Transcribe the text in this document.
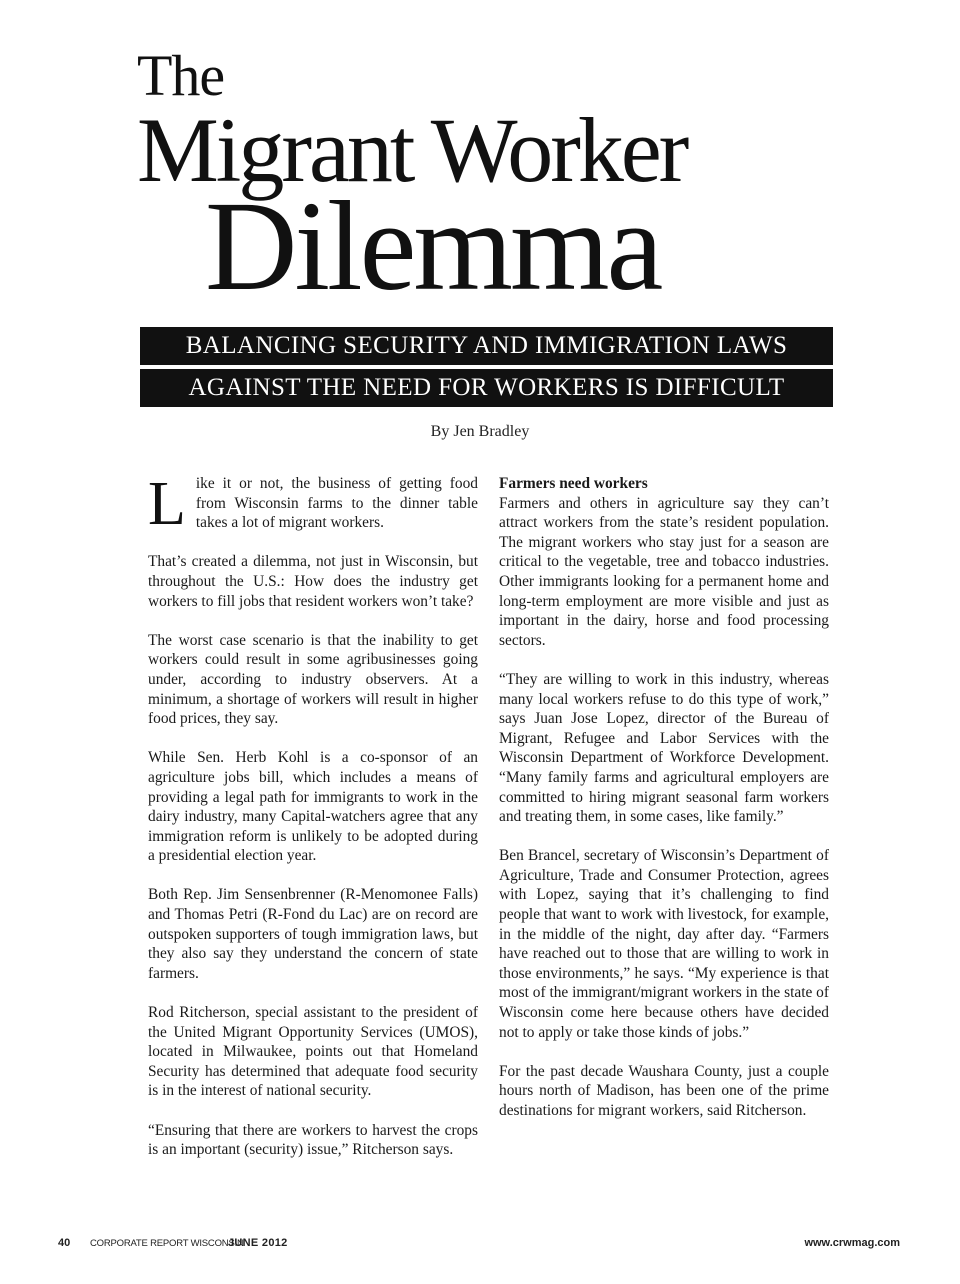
The
Migrant Worker
Dilemma
BALANCING SECURITY AND IMMIGRATION LAWS
AGAINST THE NEED FOR WORKERS IS DIFFICULT
By Jen Bradley

Like it or not, the business of getting food from Wisconsin farms to the dinner table takes a lot of migrant workers.

That’s created a dilemma, not just in Wisconsin, but throughout the U.S.: How does the industry get workers to fill jobs that resident workers won’t take?

The worst case scenario is that the inability to get workers could result in some agribusinesses going under, according to industry observers. At a minimum, a shortage of workers will result in higher food prices, they say.

While Sen. Herb Kohl is a co-sponsor of an agriculture jobs bill, which includes a means of providing a legal path for immigrants to work in the dairy industry, many Capital-watchers agree that any immigration reform is unlikely to be adopted during a presidential election year.

Both Rep. Jim Sensenbrenner (R-Menomonee Falls) and Thomas Petri (R-Fond du Lac) are on record are outspoken supporters of tough immigration laws, but they also say they understand the concern of state farmers.

Rod Ritcherson, special assistant to the president of the United Migrant Opportunity Services (UMOS), located in Milwaukee, points out that Homeland Security has determined that adequate food security is in the interest of national security.

“Ensuring that there are workers to harvest the crops is an important (security) issue,” Ritcherson says.

Farmers need workers

Farmers and others in agriculture say they can’t attract workers from the state’s resident population. The migrant workers who stay just for a season are critical to the vegetable, tree and tobacco industries. Other immigrants looking for a permanent home and long-term employment are more visible and just as important in the dairy, horse and food processing sectors.

“They are willing to work in this industry, whereas many local workers refuse to do this type of work,” says Juan Jose Lopez, director of the Bureau of Migrant, Refugee and Labor Services with the Wisconsin Department of Workforce Development. “Many family farms and agricultural employers are committed to hiring migrant seasonal farm workers and treating them, in some cases, like family.”

Ben Brancel, secretary of Wisconsin’s Department of Agriculture, Trade and Consumer Protection, agrees with Lopez, saying that it’s challenging to find people that want to work with livestock, for example, in the middle of the night, day after day. “Farmers have reached out to those that are willing to work in those environments,” he says. “My experience is that most of the immigrant/migrant workers in the state of Wisconsin come here because others have decided not to apply or take those kinds of jobs.”

For the past decade Waushara County, just a couple hours north of Madison, has been one of the prime destinations for migrant workers, said Ritcherson.

40 CORPORATE REPORT WISCONSIN
JUNE 2012	www.crwmag.com
